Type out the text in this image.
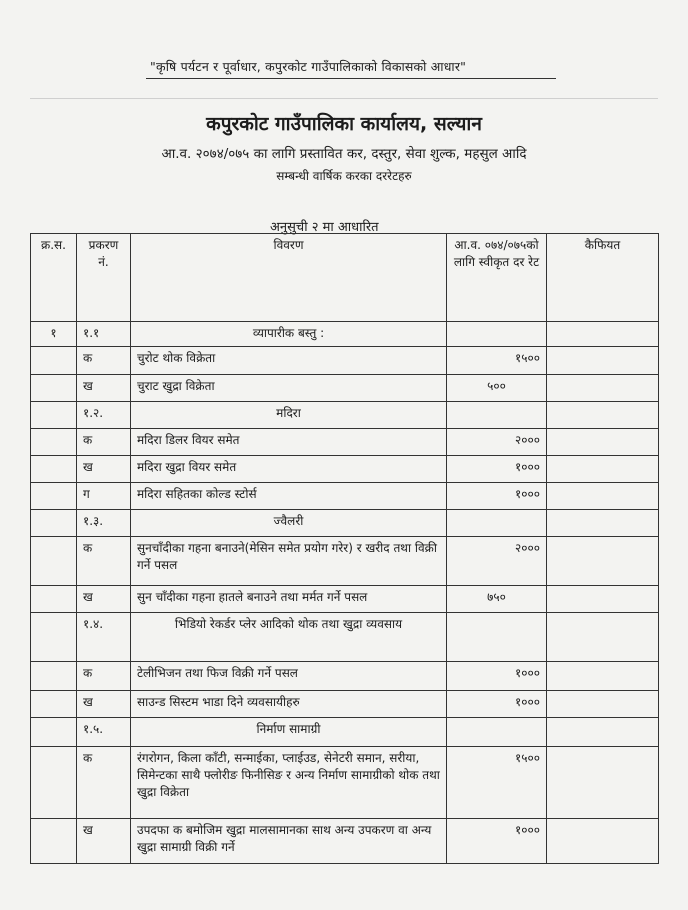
"कृषि पर्यटन र पूर्वाधार, कपुरकोट गाउँपालिकाको विकासको आधार"
कपुरकोट गाउँपालिका कार्यालय, सल्यान
आ.व. २०७४/०७५ का लागि प्रस्तावित कर, दस्तुर, सेवा शुल्क, महसुल आदि
सम्बन्धी वार्षिक करका दररेटहरु
अनुसुची २ मा आधारित
क्र.स.	प्रकरण नं.	विवरण	आ.व. ०७४/०७५को लागि स्वीकृत दर रेट	कैफियत
१	१.१	व्यापारीक बस्तु :		
	क	चुरोट थोक विक्रेता	१५००	
	ख	चुराट खुद्रा विक्रेता	५००	
	१.२.	मदिरा		
	क	मदिरा डिलर वियर समेत	२०००	
	ख	मदिरा खुद्रा वियर समेत	१०००	
	ग	मदिरा सहितका कोल्ड स्टोर्स	१०००	
	१.३.	ज्वैलरी		
	क	सुनचाँदीका गहना बनाउने(मेसिन समेत प्रयोग गरेर) र खरीद तथा विक्री गर्ने पसल	२०००	
	ख	सुन चाँदीका गहना हातले बनाउने तथा मर्मत गर्ने पसल	७५०	
	१.४.	भिडियो रेकर्डर प्लेर आदिको थोक तथा खुद्रा व्यवसाय		
	क	टेलीभिजन तथा फिज विक्री गर्ने पसल	१०००	
	ख	साउन्ड सिस्टम भाडा दिने व्यवसायीहरु	१०००	
	१.५.	निर्माण सामाग्री		
	क	रंगरोगन, किला काँटी, सन्माईका, प्लाईउड, सेनेटरी समान, सरीया, सिमेन्टका साथै फ्लोरीङ फिनीसिङ र अन्य निर्माण सामाग्रीको थोक तथा खुद्रा विक्रेता	१५००	
	ख	उपदफा क बमोजिम खुद्रा मालसामानका साथ अन्य उपकरण वा अन्य खुद्रा सामाग्री विक्री गर्ने	१०००	
